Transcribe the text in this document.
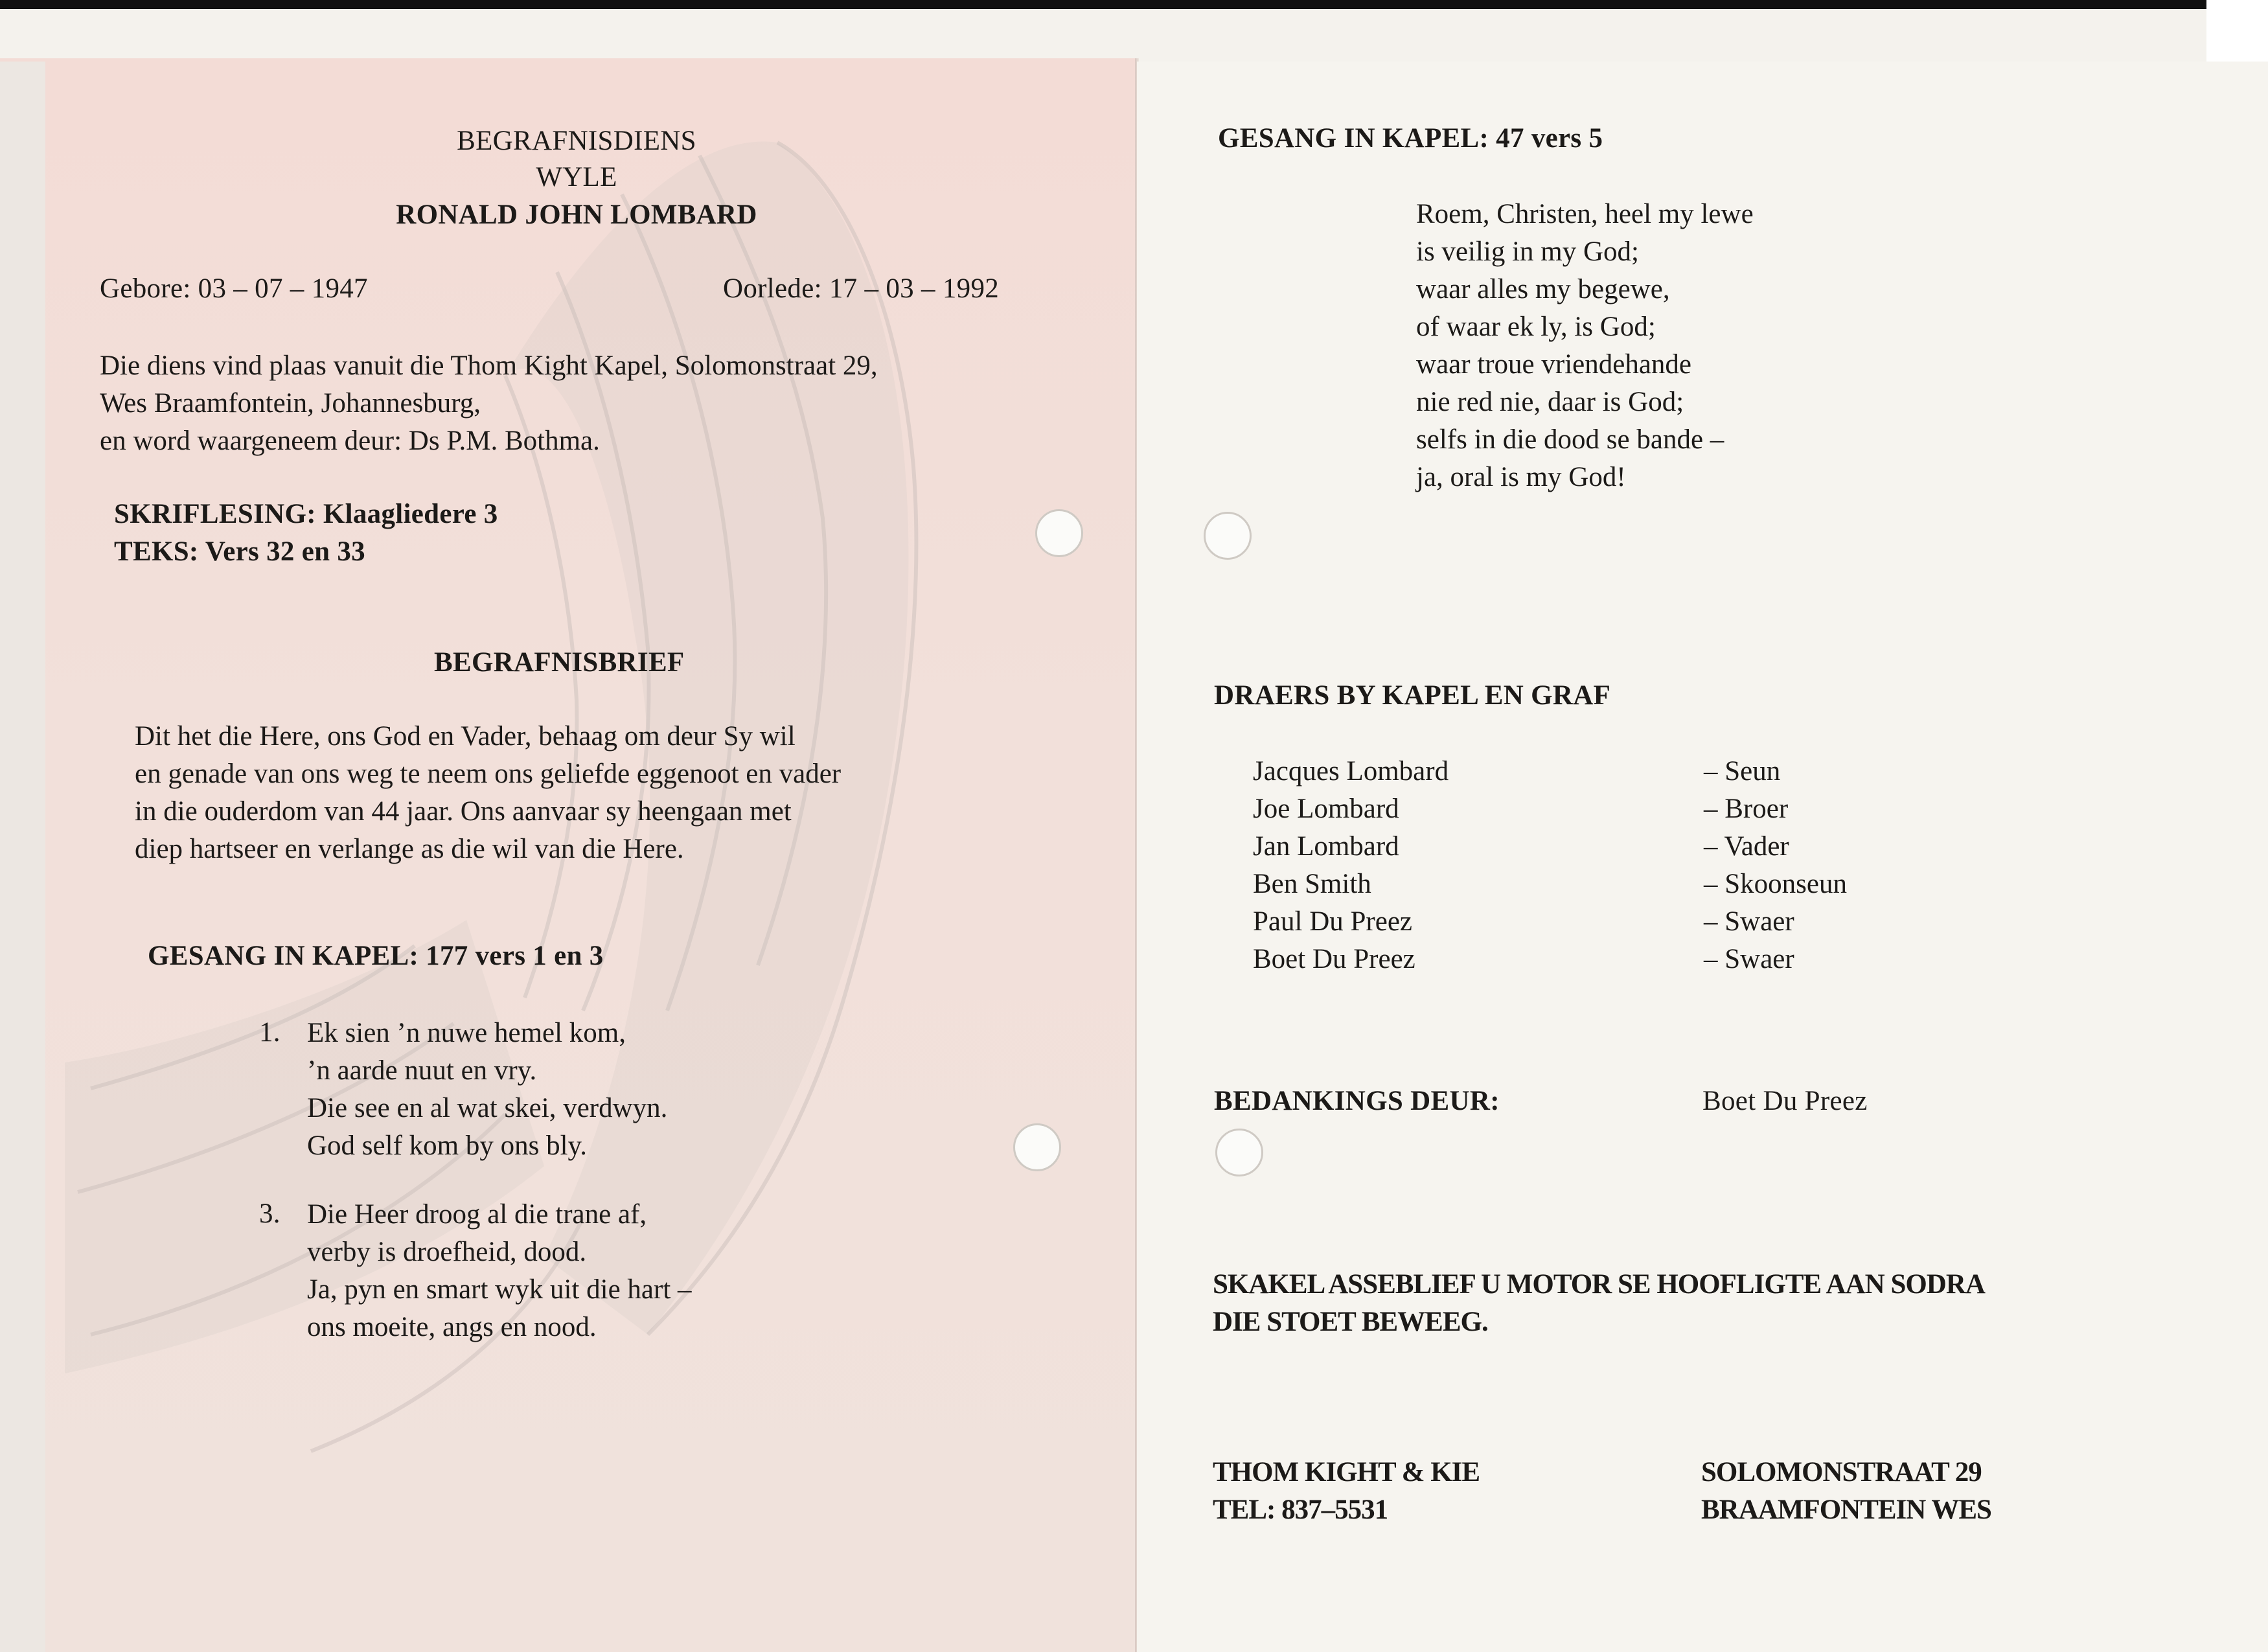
BEGRAFNISDIENS
WYLE
RONALD JOHN LOMBARD
Gebore: 03 – 07 – 1947	Oorlede: 17 – 03 – 1992
Die diens vind plaas vanuit die Thom Kight Kapel, Solomonstraat 29,
Wes Braamfontein, Johannesburg,
en word waargeneem deur: Ds P.M. Bothma.
SKRIFLESING: Klaagliedere 3
TEKS: Vers 32 en 33
BEGRAFNISBRIEF
Dit het die Here, ons God en Vader, behaag om deur Sy wil
en genade van ons weg te neem ons geliefde eggenoot en vader
in die ouderdom van 44 jaar. Ons aanvaar sy heengaan met
diep hartseer en verlange as die wil van die Here.
GESANG IN KAPEL: 177 vers 1 en 3
1. Ek sien ’n nuwe hemel kom,
’n aarde nuut en vry.
Die see en al wat skei, verdwyn.
God self kom by ons bly.
3. Die Heer droog al die trane af,
verby is droefheid, dood.
Ja, pyn en smart wyk uit die hart –
ons moeite, angs en nood.
GESANG IN KAPEL: 47 vers 5
Roem, Christen, heel my lewe
is veilig in my God;
waar alles my begewe,
of waar ek ly, is God;
waar troue vriendehande
nie red nie, daar is God;
selfs in die dood se bande –
ja, oral is my God!
DRAERS BY KAPEL EN GRAF
Jacques Lombard
Joe Lombard
Jan Lombard
Ben Smith
Paul Du Preez
Boet Du Preez
– Seun
– Broer
– Vader
– Skoonseun
– Swaer
– Swaer
BEDANKINGS DEUR:	Boet Du Preez
SKAKEL ASSEBLIEF U MOTOR SE HOOFLIGTE AAN SODRA
DIE STOET BEWEEG.
THOM KIGHT & KIE
TEL: 837–5531
SOLOMONSTRAAT 29
BRAAMFONTEIN WES
